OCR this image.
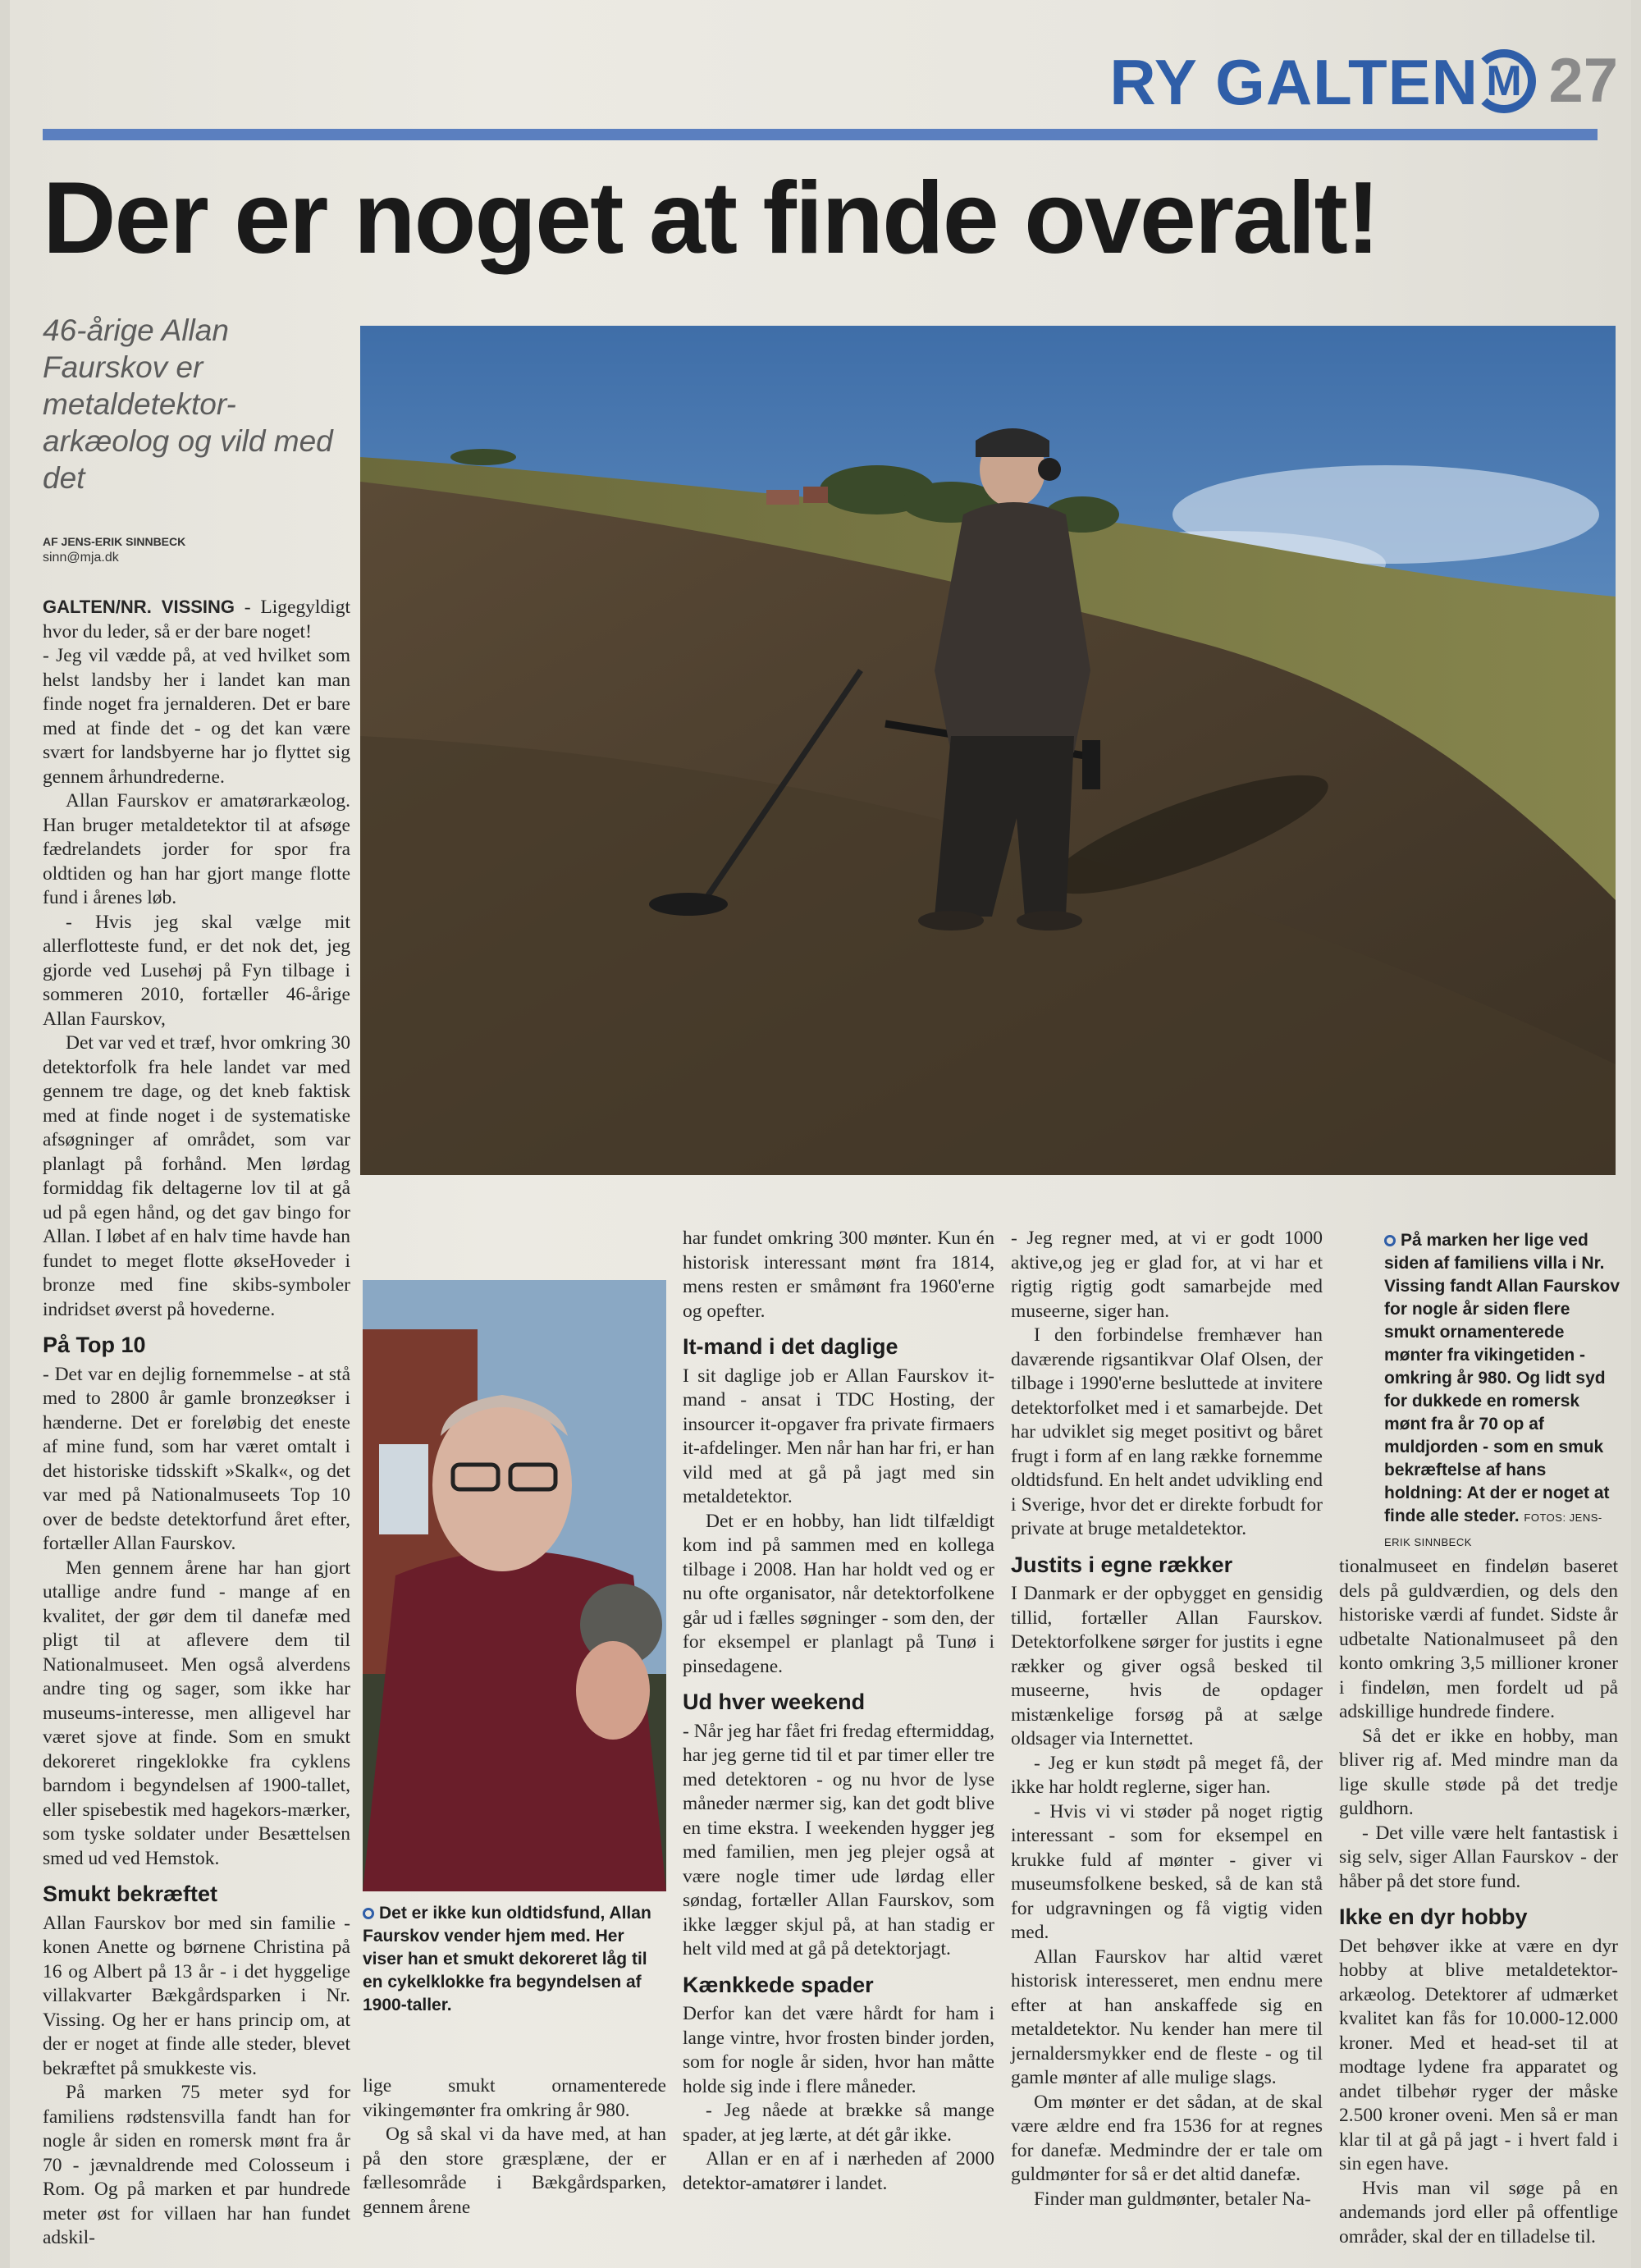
RY GALTEN M 27
Der er noget at finde overalt!
46-årige Allan Faurskov er metaldetektor-arkæolog og vild med det
AF JENS-ERIK SINNBECK
sinn@mja.dk

GALTEN/NR. VISSING - Ligegyldigt hvor du leder, så er der bare noget!

- Jeg vil vædde på, at ved hvilket som helst landsby her i landet kan man finde noget fra jernalderen. Det er bare med at finde det - og det kan være svært for landsbyerne har jo flyttet sig gennem århundrederne.

Allan Faurskov er amatørarkæolog. Han bruger metaldetektor til at afsøge fædrelandets jorder for spor fra oldtiden og han har gjort mange flotte fund i årenes løb.

- Hvis jeg skal vælge mit allerflotteste fund, er det nok det, jeg gjorde ved Lusehøj på Fyn tilbage i sommeren 2010, fortæller 46-årige Allan Faurskov,

Det var ved et træf, hvor omkring 30 detektorfolk fra hele landet var med gennem tre dage, og det kneb faktisk med at finde noget i de systematiske afsøgninger af området, som var planlagt på forhånd. Men lørdag formiddag fik deltagerne lov til at gå ud på egen hånd, og det gav bingo for Allan. I løbet af en halv time havde han fundet to meget flotte økseHoveder i bronze med fine skibs-symboler indridset øverst på hovederne.

På Top 10

- Det var en dejlig fornemmelse - at stå med to 2800 år gamle bronzeøkser i hænderne. Det er foreløbig det eneste af mine fund, som har været omtalt i det historiske tidsskift »Skalk«, og det var med på Nationalmuseets Top 10 over de bedste detektorfund året efter, fortæller Allan Faurskov.

Men gennem årene har han gjort utallige andre fund - mange af en kvalitet, der gør dem til danefæ med pligt til at aflevere dem til Nationalmuseet. Men også alverdens andre ting og sager, som ikke har museums-interesse, men alligevel har været sjove at finde. Som en smukt dekoreret ringeklokke fra cyklens barndom i begyndelsen af 1900-tallet, eller spisebestik med hagekors-mærker, som tyske soldater under Besættelsen smed ud ved Hemstok.

Smukt bekræftet

Allan Faurskov bor med sin familie - konen Anette og børnene Christina på 16 og Albert på 13 år - i det hyggelige villakvarter Bækgårdsparken i Nr. Vissing. Og her er hans princip om, at der er noget at finde alle steder, blevet bekræftet på smukkeste vis.

På marken 75 meter syd for familiens rødstensvilla fandt han for nogle år siden en romersk mønt fra år 70 - jævnaldrende med Colosseum i Rom. Og på marken et par hundrede meter øst for villaen har han fundet adskil-

Det er ikke kun oldtidsfund, Allan Faurskov vender hjem med. Her viser han et smukt dekoreret låg til en cykelklokke fra begyndelsen af 1900-taller.

lige smukt ornamenterede vikingemønter fra omkring år 980.

Og så skal vi da have med, at han på den store græsplæne, der er fællesområde i Bækgårdsparken, gennem årene

har fundet omkring 300 mønter. Kun én historisk interessant mønt fra 1814, mens resten er småmønt fra 1960'erne og opefter.

It-mand i det daglige

I sit daglige job er Allan Faurskov it-mand - ansat i TDC Hosting, der insourcer it-opgaver fra private firmaers it-afdelinger. Men når han har fri, er han vild med at gå på jagt med sin metaldetektor.

Det er en hobby, han lidt tilfældigt kom ind på sammen med en kollega tilbage i 2008. Han har holdt ved og er nu ofte organisator, når detektorfolkene går ud i fælles søgninger - som den, der for eksempel er planlagt på Tunø i pinsedagene.

Ud hver weekend

- Når jeg har fået fri fredag eftermiddag, har jeg gerne tid til et par timer eller tre med detektoren - og nu hvor de lyse måneder nærmer sig, kan det godt blive en time ekstra. I weekenden hygger jeg med familien, men jeg plejer også at være nogle timer ude lørdag eller søndag, fortæller Allan Faurskov, som ikke lægger skjul på, at han stadig er helt vild med at gå på detektorjagt.

Kænkkede spader

Derfor kan det være hårdt for ham i lange vintre, hvor frosten binder jorden, som for nogle år siden, hvor han måtte holde sig inde i flere måneder.

- Jeg nåede at brække så mange spader, at jeg lærte, at dét går ikke.

Allan er en af i nærheden af 2000 detektor-amatører i landet.

- Jeg regner med, at vi er godt 1000 aktive,og jeg er glad for, at vi har et rigtig rigtig godt samarbejde med museerne, siger han.

I den forbindelse fremhæver han daværende rigsantikvar Olaf Olsen, der tilbage i 1990'erne besluttede at invitere detektorfolket med i et samarbejde. Det har udviklet sig meget positivt og båret frugt i form af en lang række fornemme oldtidsfund. En helt andet udvikling end i Sverige, hvor det er direkte forbudt for private at bruge metaldetektor.

Justits i egne rækker

I Danmark er der opbygget en gensidig tillid, fortæller Allan Faurskov. Detektorfolkene sørger for justits i egne rækker og giver også besked til museerne, hvis de opdager mistænkelige forsøg på at sælge oldsager via Internettet.

- Jeg er kun stødt på meget få, der ikke har holdt reglerne, siger han.

- Hvis vi vi støder på noget rigtig interessant - som for eksempel en krukke fuld af mønter - giver vi museumsfolkene besked, så de kan stå for udgravningen og få vigtig viden med.

Allan Faurskov har altid været historisk interesseret, men endnu mere efter at han anskaffede sig en metaldetektor. Nu kender han mere til jernaldersmykker end de fleste - og til gamle mønter af alle mulige slags.

Om mønter er det sådan, at de skal være ældre end fra 1536 for at regnes for danefæ. Medmindre der er tale om guldmønter for så er det altid danefæ.

Finder man guldmønter, betaler Na-

På marken her lige ved siden af familiens villa i Nr. Vissing fandt Allan Faurskov for nogle år siden flere smukt ornamenterede mønter fra vikingetiden - omkring år 980. Og lidt syd for dukkede en romersk mønt fra år 70 op af muldjorden - som en smuk bekræftelse af hans holdning: At der er noget at finde alle steder. FOTOS: JENS-ERIK SINNBECK

tionalmuseet en findeløn baseret dels på guldværdien, og dels den historiske værdi af fundet. Sidste år udbetalte Nationalmuseet på den konto omkring 3,5 millioner kroner i findeløn, men fordelt ud på adskillige hundrede findere.

Så det er ikke en hobby, man bliver rig af. Med mindre man da lige skulle støde på det tredje guldhorn.

- Det ville være helt fantastisk i sig selv, siger Allan Faurskov - der håber på det store fund.

Ikke en dyr hobby

Det behøver ikke at være en dyr hobby at blive metaldetektor-arkæolog. Detektorer af udmærket kvalitet kan fås for 10.000-12.000 kroner. Med et head-set til at modtage lydene fra apparatet og andet tilbehør ryger der måske 2.500 kroner oveni. Men så er man klar til at gå på jagt - i hvert fald i sin egen have.

Hvis man vil søge på en andemands jord eller på offentlige områder, skal der en tilladelse til.
